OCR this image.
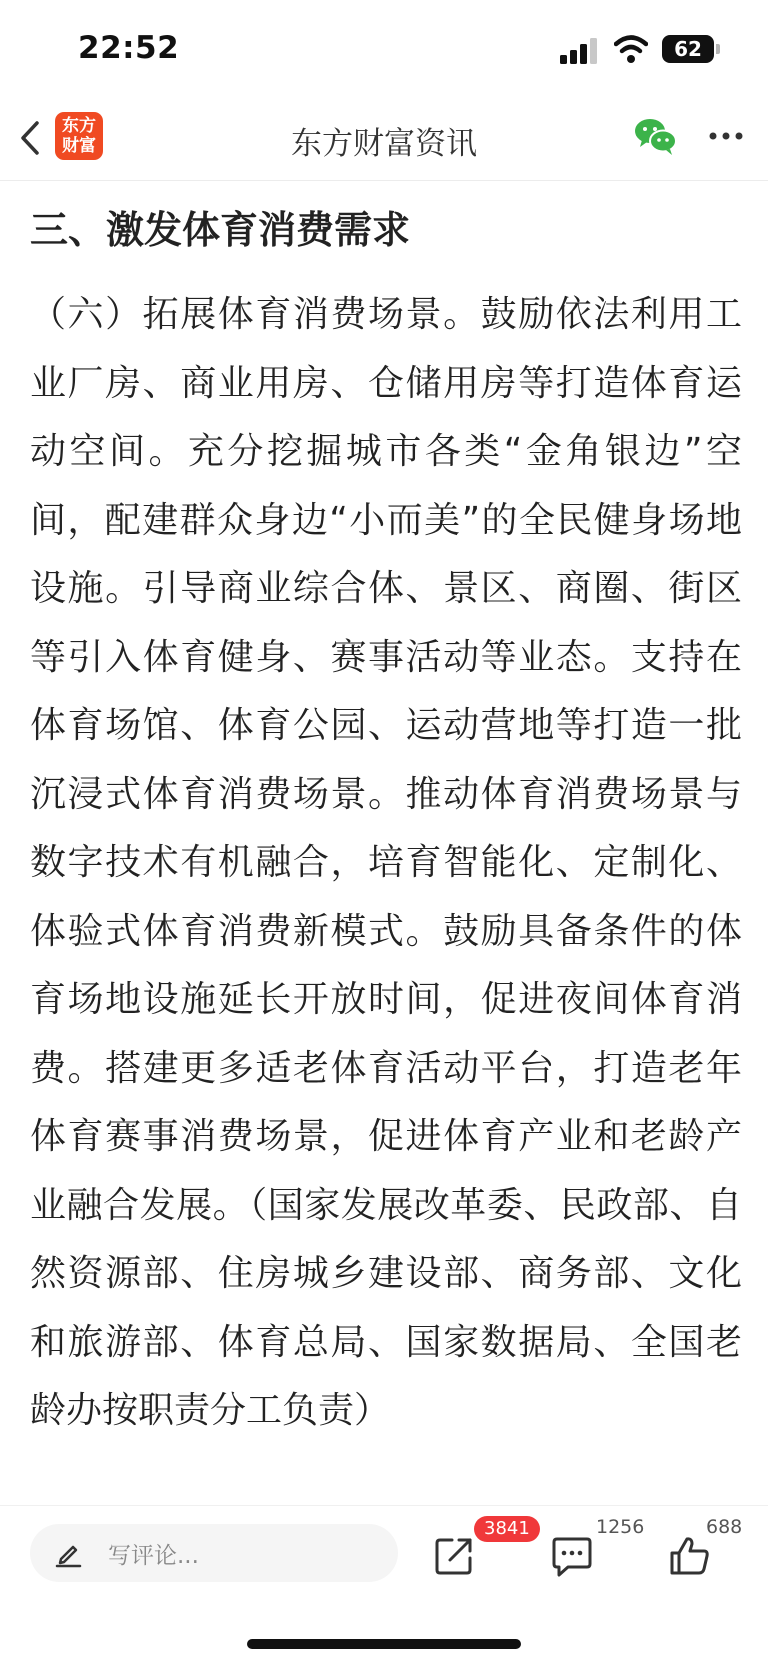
22:52	62
东方财富资讯
东方
财富
三、激发体育消费需求

（六）拓展体育消费场景。鼓励依法利用工业厂房、商业用房、仓储用房等打造体育运动空间。充分挖掘城市各类“金角银边”空间，配建群众身边“小而美”的全民健身场地设施。引导商业综合体、景区、商圈、街区等引入体育健身、赛事活动等业态。支持在体育场馆、体育公园、运动营地等打造一批沉浸式体育消费场景。推动体育消费场景与数字技术有机融合，培育智能化、定制化、体验式体育消费新模式。鼓励具备条件的体育场地设施延长开放时间，促进夜间体育消费。搭建更多适老体育活动平台，打造老年体育赛事消费场景，促进体育产业和老龄产业融合发展。（国家发展改革委、民政部、自然资源部、住房城乡建设部、商务部、文化和旅游部、体育总局、国家数据局、全国老龄办按职责分工负责）

写评论...
3841	1256	688
